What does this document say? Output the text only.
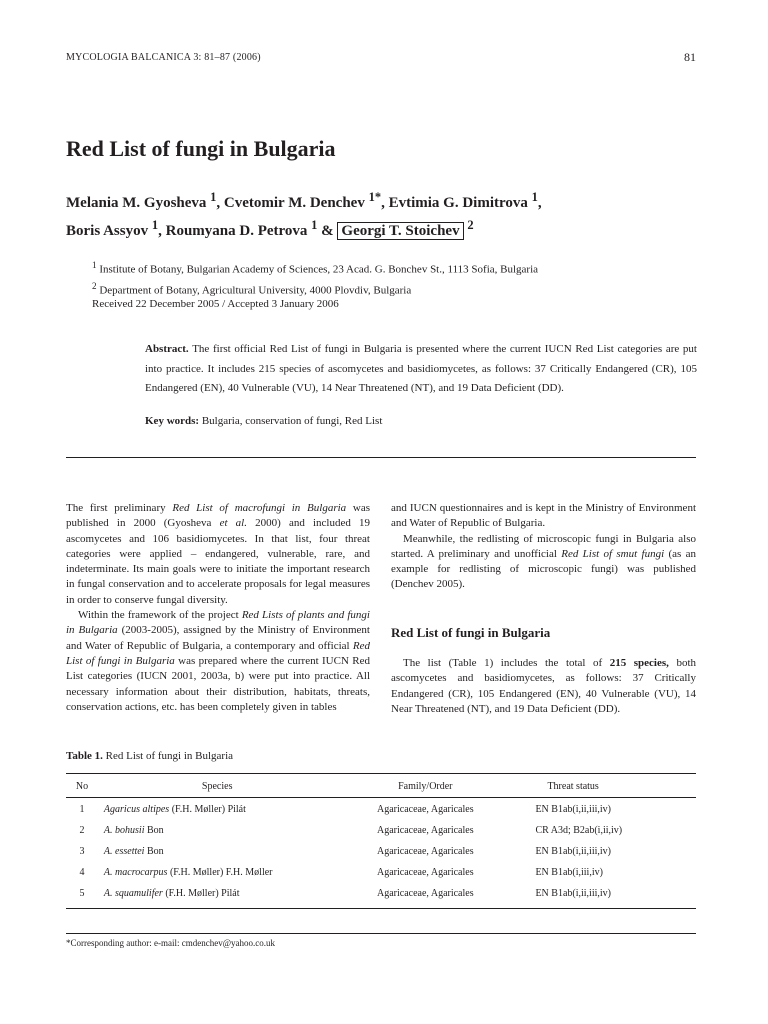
MYCOLOGIA BALCANICA 3: 81–87 (2006)	81
Red List of fungi in Bulgaria
Melania M. Gyosheva $^1$, Cvetomir M. Denchev $^{1*}$, Evtimia G. Dimitrova $^1$,
Boris Assyov $^1$, Roumyana D. Petrova $^1$ & Georgi T. Stoichev $^2$
$^1$ Institute of Botany, Bulgarian Academy of Sciences, 23 Acad. G. Bonchev St., 1113 Sofia, Bulgaria
$^2$ Department of Botany, Agricultural University, 4000 Plovdiv, Bulgaria
Received 22 December 2005 / Accepted 3 January 2006
Abstract. The first official Red List of fungi in Bulgaria is presented where the current IUCN Red List categories are put into practice. It includes 215 species of ascomycetes and basidiomycetes, as follows: 37 Critically Endangered (CR), 105 Endangered (EN), 40 Vulnerable (VU), 14 Near Threatened (NT), and 19 Data Deficient (DD).
Key words: Bulgaria, conservation of fungi, Red List

The first preliminary Red List of macrofungi in Bulgaria was published in 2000 (Gyosheva et al. 2000) and included 19 ascomycetes and 106 basidiomycetes. In that list, four threat categories were applied – endangered, vulnerable, rare, and indeterminate. Its main goals were to initiate the important research in fungal conservation and to accelerate proposals for legal measures in order to conserve fungal diversity.

Within the framework of the project Red Lists of plants and fungi in Bulgaria (2003-2005), assigned by the Ministry of Environment and Water of Republic of Bulgaria, a contemporary and official Red List of fungi in Bulgaria was prepared where the current IUCN Red List categories (IUCN 2001, 2003a, b) were put into practice. All necessary information about their distribution, habitats, threats, conservation actions, etc. has been completely given in tables

and IUCN questionnaires and is kept in the Ministry of Environment and Water of Republic of Bulgaria.

Meanwhile, the redlisting of microscopic fungi in Bulgaria also started. A preliminary and unofficial Red List of smut fungi (as an example for redlisting of microscopic fungi) was published (Denchev 2005).

Red List of fungi in Bulgaria

The list (Table 1) includes the total of 215 species, both ascomycetes and basidiomycetes, as follows: 37 Critically Endangered (CR), 105 Endangered (EN), 40 Vulnerable (VU), 14 Near Threatened (NT), and 19 Data Deficient (DD).

Table 1. Red List of fungi in Bulgaria
No	Species	Family/Order	Threat status

1	Agaricus altipes (F.H. Møller) Pilát	Agaricaceae, Agaricales	EN B1ab(i,ii,iii,iv)
2	A. bohusii Bon	Agaricaceae, Agaricales	CR A3d; B2ab(i,ii,iv)
3	A. essettei Bon	Agaricaceae, Agaricales	EN B1ab(i,ii,iii,iv)
4	A. macrocarpus (F.H. Møller) F.H. Møller	Agaricaceae, Agaricales	EN B1ab(i,iii,iv)
5	A. squamulifer (F.H. Møller) Pilát	Agaricaceae, Agaricales	EN B1ab(i,ii,iii,iv)
*Corresponding author: e-mail: cmdenchev@yahoo.co.uk
